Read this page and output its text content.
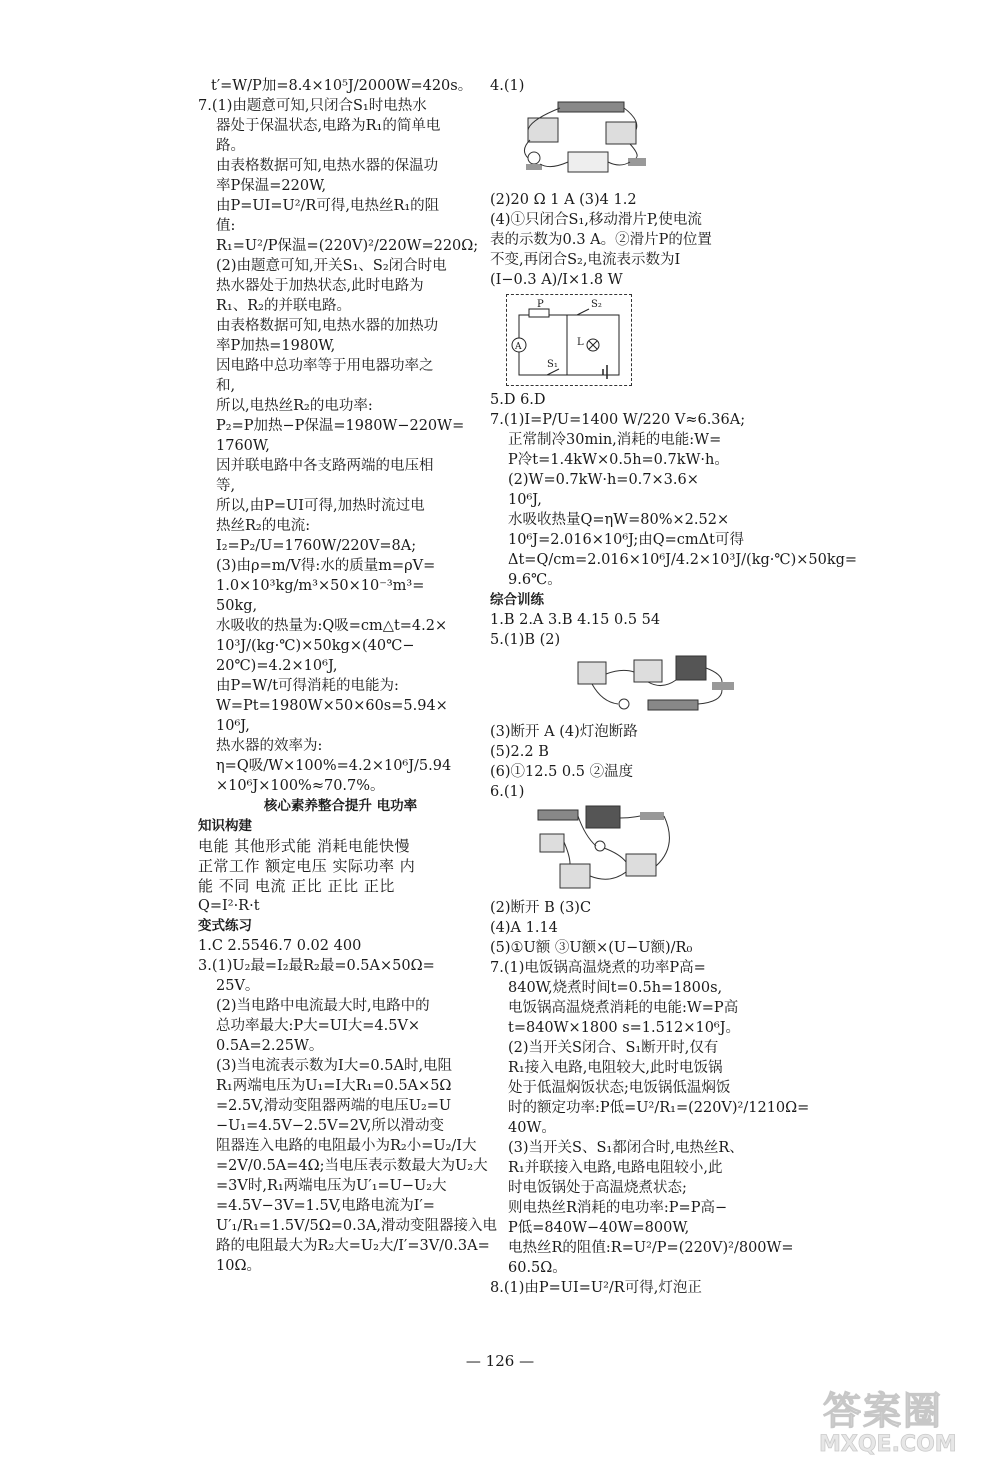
t′=W/P加=8.4×10⁵J/2000W=420s。
7.(1)由题意可知,只闭合S₁时电热水
器处于保温状态,电路为R₁的简单电
路。
由表格数据可知,电热水器的保温功
率P保温=220W,
由P=UI=U²/R可得,电热丝R₁的阻
值:
R₁=U²/P保温=(220V)²/220W=220Ω;
(2)由题意可知,开关S₁、S₂闭合时电
热水器处于加热状态,此时电路为
R₁、R₂的并联电路。
由表格数据可知,电热水器的加热功
率P加热=1980W,
因电路中总功率等于用电器功率之
和,
所以,电热丝R₂的电功率:
P₂=P加热−P保温=1980W−220W=
1760W,
因并联电路中各支路两端的电压相
等,
所以,由P=UI可得,加热时流过电
热丝R₂的电流:
I₂=P₂/U=1760W/220V=8A;
(3)由ρ=m/V得:水的质量m=ρV=
1.0×10³kg/m³×50×10⁻³m³=
50kg,
水吸收的热量为:Q吸=cm△t=4.2×
10³J/(kg·℃)×50kg×(40℃−
20℃)=4.2×10⁶J,
由P=W/t可得消耗的电能为:
W=Pt=1980W×50×60s=5.94×
10⁶J,
热水器的效率为:
η=Q吸/W×100%=4.2×10⁶J/5.94
×10⁶J×100%≈70.7%。
核心素养整合提升 电功率
知识构建
电能 其他形式能 消耗电能快慢
正常工作 额定电压 实际功率 内
能 不同 电流 正比 正比 正比
Q=I²·R·t
变式练习
1.C 2.5546.7 0.02 400
3.(1)U₂最=I₂最R₂最=0.5A×50Ω=
25V。
(2)当电路中电流最大时,电路中的
总功率最大:P大=UI大=4.5V×
0.5A=2.25W。
(3)当电流表示数为I大=0.5A时,电阻
R₁两端电压为U₁=I大R₁=0.5A×5Ω
=2.5V,滑动变阻器两端的电压U₂=U
−U₁=4.5V−2.5V=2V,所以滑动变
阻器连入电路的电阻最小为R₂小=U₂/I大
=2V/0.5A=4Ω;当电压表示数最大为U₂大
=3V时,R₁两端电压为U′₁=U−U₂大
=4.5V−3V=1.5V,电路电流为I′=
U′₁/R₁=1.5V/5Ω=0.3A,滑动变阻器接入电
路的电阻最大为R₂大=U₂大/I′=3V/0.3A=
10Ω。
4.(1)
(2)20 Ω 1 A (3)4 1.2
(4)①只闭合S₁,移动滑片P,使电流
表的示数为0.3 A。②滑片P的位置
不变,再闭合S₂,电流表示数为I
(I−0.3 A)/I×1.8 W
P	S₂
L
A
S₁
5.D 6.D
7.(1)I=P/U=1400 W/220 V≈6.36A;
正常制冷30min,消耗的电能:W=
P冷t=1.4kW×0.5h=0.7kW·h。
(2)W=0.7kW·h=0.7×3.6×
10⁶J,
水吸收热量Q=ηW=80%×2.52×
10⁶J=2.016×10⁶J;由Q=cmΔt可得
Δt=Q/cm=2.016×10⁶J/4.2×10³J/(kg·℃)×50kg=
9.6℃。
综合训练
1.B 2.A 3.B 4.15 0.5 54
5.(1)B (2)
(3)断开 A (4)灯泡断路
(5)2.2 B
(6)①12.5 0.5 ②温度
6.(1)
(2)断开 B (3)C
(4)A 1.14
(5)①U额 ③U额×(U−U额)/R₀
7.(1)电饭锅高温烧煮的功率P高=
840W,烧煮时间t=0.5h=1800s,
电饭锅高温烧煮消耗的电能:W=P高
t=840W×1800 s=1.512×10⁶J。
(2)当开关S闭合、S₁断开时,仅有
R₁接入电路,电阻较大,此时电饭锅
处于低温焖饭状态;电饭锅低温焖饭
时的额定功率:P低=U²/R₁=(220V)²/1210Ω=
40W。
(3)当开关S、S₁都闭合时,电热丝R、
R₁并联接入电路,电路电阻较小,此
时电饭锅处于高温烧煮状态;
则电热丝R消耗的电功率:P=P高−
P低=840W−40W=800W,
电热丝R的阻值:R=U²/P=(220V)²/800W=
60.5Ω。
8.(1)由P=UI=U²/R可得,灯泡正
— 126 —
答案圈
MXQE.COM
